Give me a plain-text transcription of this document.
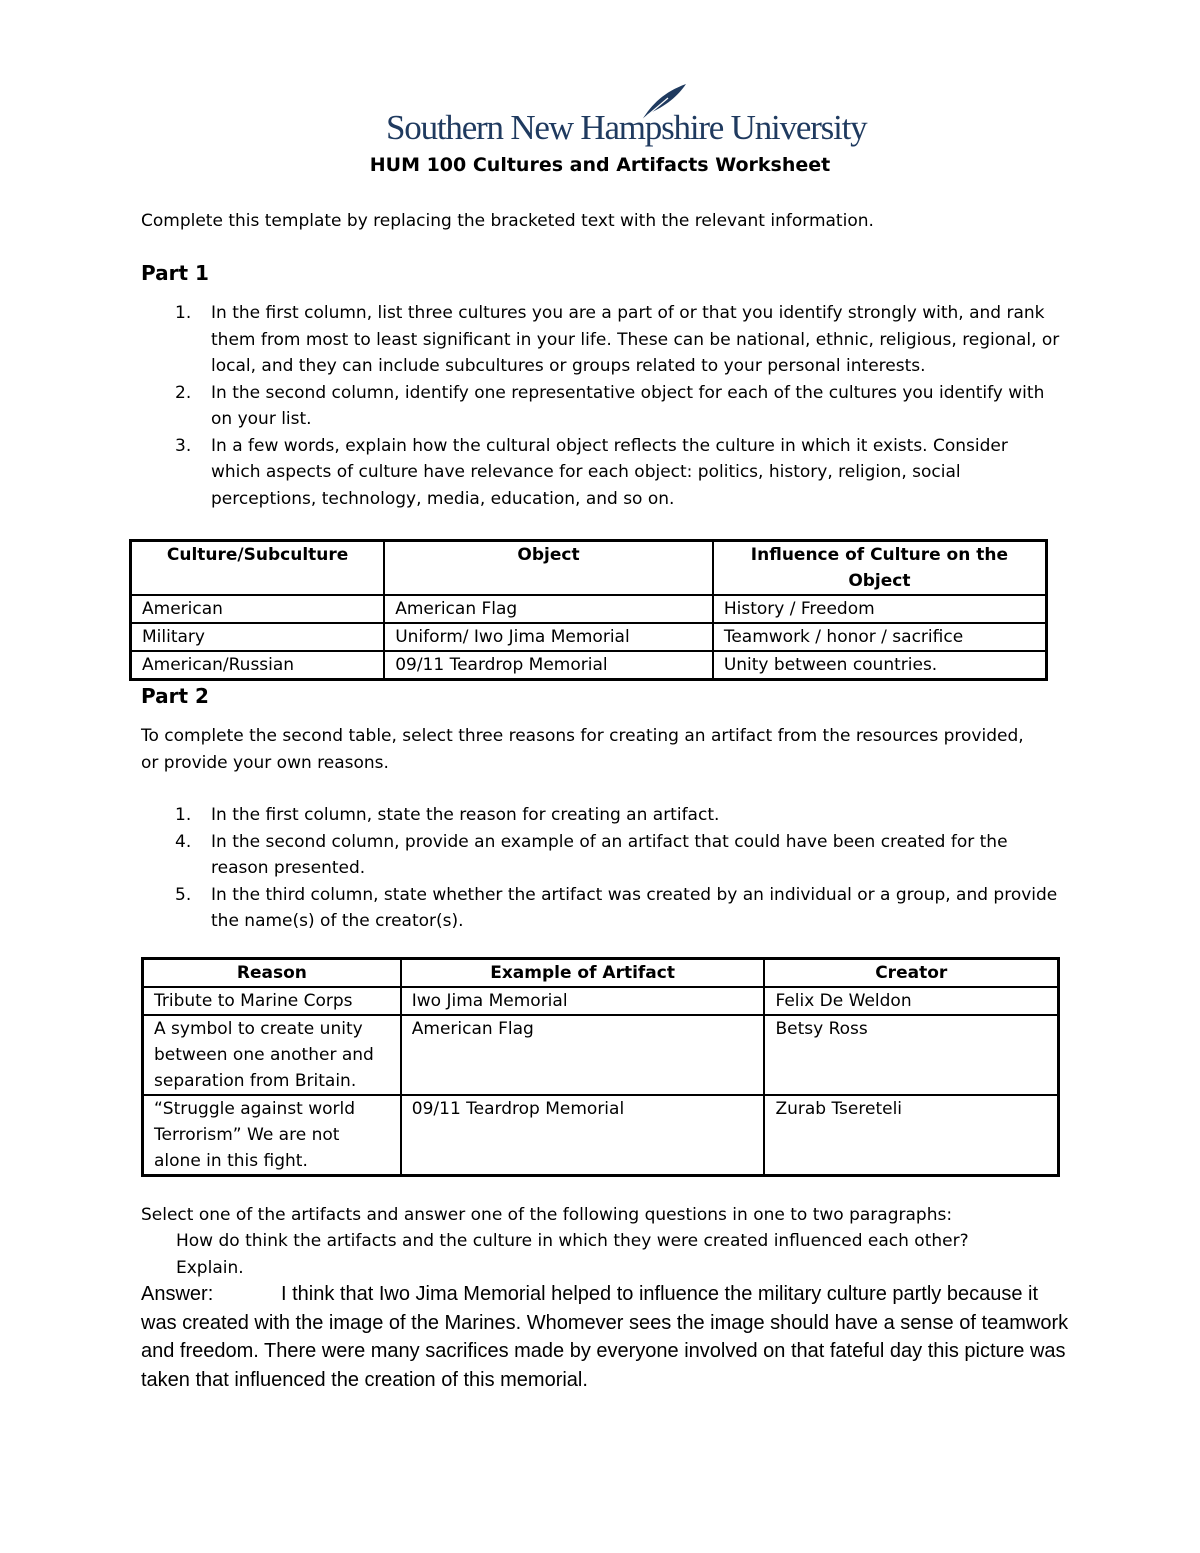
Southern New Hampshire University
HUM 100 Cultures and Artifacts Worksheet
Complete this template by replacing the bracketed text with the relevant information.
Part 1
1. In the first column, list three cultures you are a part of or that you identify strongly with, and rank them from most to least significant in your life. These can be national, ethnic, religious, regional, or local, and they can include subcultures or groups related to your personal interests.
2. In the second column, identify one representative object for each of the cultures you identify with on your list.
3. In a few words, explain how the cultural object reflects the culture in which it exists. Consider which aspects of culture have relevance for each object: politics, history, religion, social perceptions, technology, media, education, and so on.
Culture/Subculture	Object	Influence of Culture on the Object
American	American Flag	History / Freedom
Military	Uniform/ Iwo Jima Memorial	Teamwork / honor / sacrifice
American/Russian	09/11 Teardrop Memorial	Unity between countries.
Part 2
To complete the second table, select three reasons for creating an artifact from the resources provided,
or provide your own reasons.
1. In the first column, state the reason for creating an artifact.
4. In the second column, provide an example of an artifact that could have been created for the reason presented.
5. In the third column, state whether the artifact was created by an individual or a group, and provide the name(s) of the creator(s).
Reason	Example of Artifact	Creator
Tribute to Marine Corps	Iwo Jima Memorial	Felix De Weldon
A symbol to create unity between one another and separation from Britain.	American Flag	Betsy Ross
“Struggle against world Terrorism” We are not alone in this fight.	09/11 Teardrop Memorial	Zurab Tsereteli
Select one of the artifacts and answer one of the following questions in one to two paragraphs:
How do think the artifacts and the culture in which they were created influenced each other?
Explain.
Answer:	I think that Iwo Jima Memorial helped to influence the military culture partly because it was created with the image of the Marines. Whomever sees the image should have a sense of teamwork and freedom. There were many sacrifices made by everyone involved on that fateful day this picture was taken that influenced the creation of this memorial.
